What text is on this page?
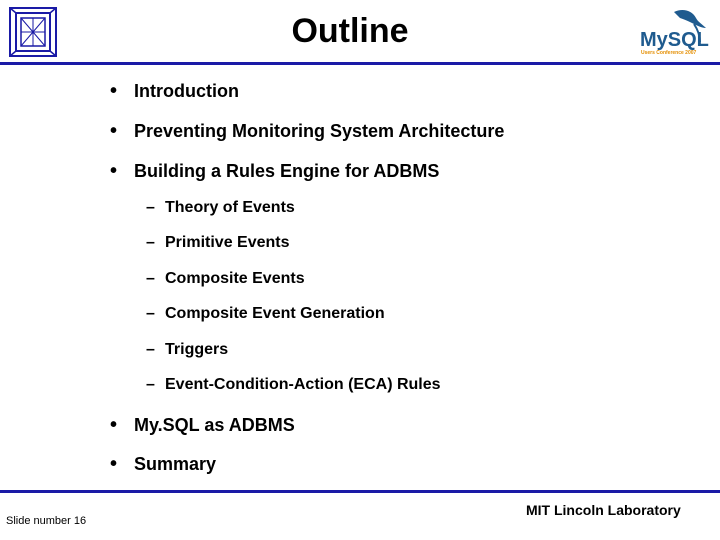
Outline	MySQL
Users Conference 2007
• Introduction
• Preventing Monitoring System Architecture
• Building a Rules Engine for ADBMS
– Theory of Events
– Primitive Events
– Composite Events
– Composite Event Generation
– Triggers
– Event-Condition-Action (ECA) Rules
• My.SQL as ADBMS
• Summary
Slide number 16
MIT Lincoln Laboratory
